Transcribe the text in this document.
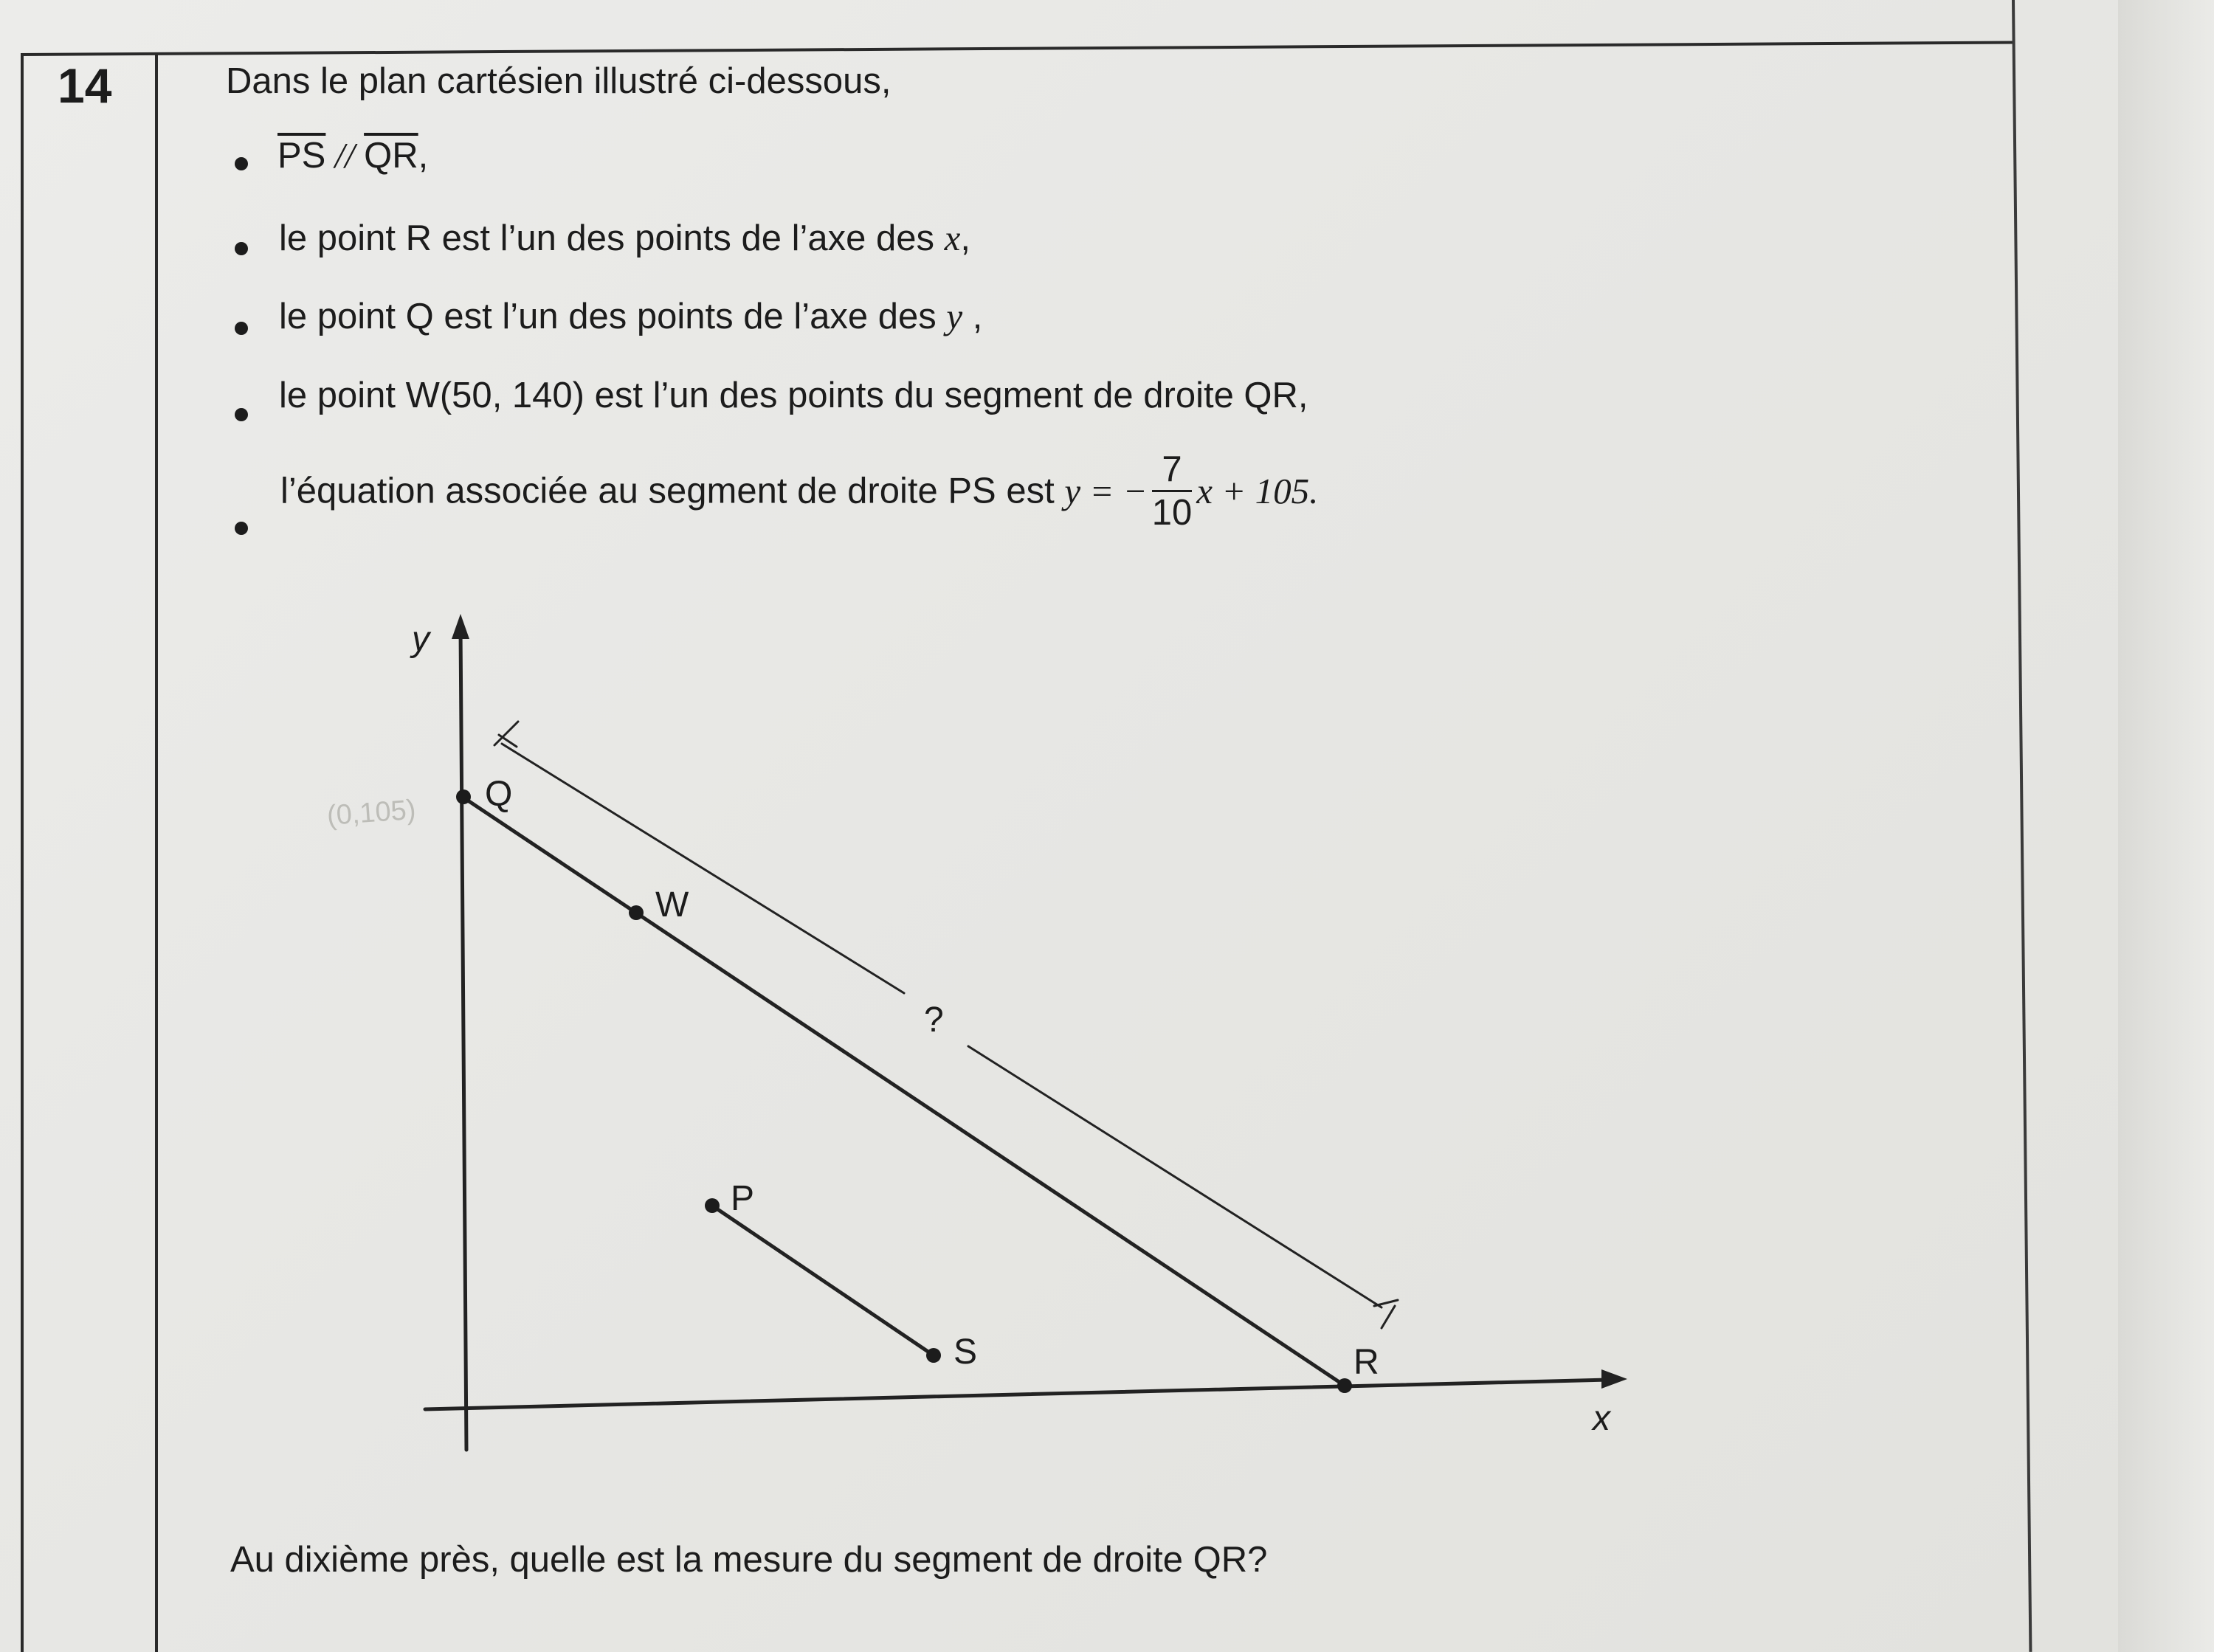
14	Dans le plan cartésien illustré ci-dessous,
$\overline{PS} // \overline{QR}$,
le point R est l’un des points de l’axe des x,
le point Q est l’un des points de l’axe des y ,
le point W(50, 140) est l’un des points du segment de droite QR,
l’équation associée au segment de droite PS est y = − $\frac{7}{10}$ x + 105.
y
x
Q
W
P
S	R
?
(0,105)
Au dixième près, quelle est la mesure du segment de droite QR?
